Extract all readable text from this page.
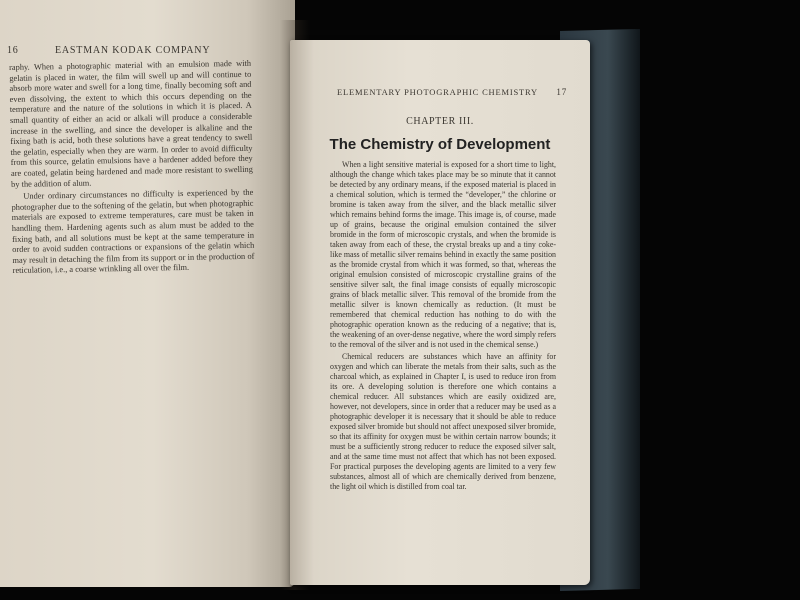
16	EASTMAN KODAK COMPANY

raphy. When a photographic material with an emulsion made with gelatin is placed in water, the film will swell up and will continue to absorb more water and swell for a long time, finally becoming soft and even dissolving, the extent to which this occurs depending on the temperature and the nature of the solutions in which it is placed. A small quantity of either an acid or alkali will produce a considerable increase in the swelling, and since the developer is alkaline and the fixing bath is acid, both these solutions have a great tendency to swell the gelatin, especially when they are warm. In order to avoid difficulty from this source, gelatin emulsions have a hardener added before they are coated, gelatin being hardened and made more resistant to swelling by the addition of alum.

Under ordinary circumstances no difficulty is experienced by the photographer due to the softening of the gelatin, but when photographic materials are exposed to extreme temperatures, care must be taken in handling them. Hardening agents such as alum must be added to the fixing bath, and all solutions must be kept at the same temperature in order to avoid sudden contractions or expansions of the gelatin which may result in detaching the film from its support or in the production of reticulation, i.e., a coarse wrinkling all over the film.

ELEMENTARY PHOTOGRAPHIC CHEMISTRY 17
CHAPTER III.
The Chemistry of Development

When a light sensitive material is exposed for a short time to light, although the change which takes place may be so minute that it cannot be detected by any ordinary means, if the exposed material is placed in a chemical solution, which is termed the “developer,” the chlorine or bromine is taken away from the silver, and the black metallic silver which remains behind forms the image. This image is, of course, made up of grains, because the original emulsion contained the silver bromide in the form of microscopic crystals, and when the bromide is taken away from each of these, the crystal breaks up and a tiny coke-like mass of metallic silver remains behind in exactly the same position as the bromide crystal from which it was formed, so that, whereas the original emulsion consisted of microscopic crystalline grains of the sensitive silver salt, the final image consists of equally microscopic grains of black metallic silver. This removal of the bromide from the metallic silver is known chemically as reduction. (It must be remembered that chemical reduction has nothing to do with the photographic operation known as the reducing of a negative; that is, the weakening of an over-dense negative, where the word simply refers to the removal of the silver and is not used in the chemical sense.)

Chemical reducers are substances which have an affinity for oxygen and which can liberate the metals from their salts, such as the charcoal which, as explained in Chapter I, is used to reduce iron from its ore. A developing solution is therefore one which contains a chemical reducer. All substances which are easily oxidized are, however, not developers, since in order that a reducer may be used as a photographic developer it is necessary that it should be able to reduce exposed silver bromide but should not affect unexposed silver bromide, so that its affinity for oxygen must be within certain narrow bounds; it must be a sufficiently strong reducer to reduce the exposed silver salt, and at the same time must not affect that which has not been exposed. For practical purposes the developing agents are limited to a very few substances, almost all of which are chemically derived from benzene, the light oil which is distilled from coal tar.
